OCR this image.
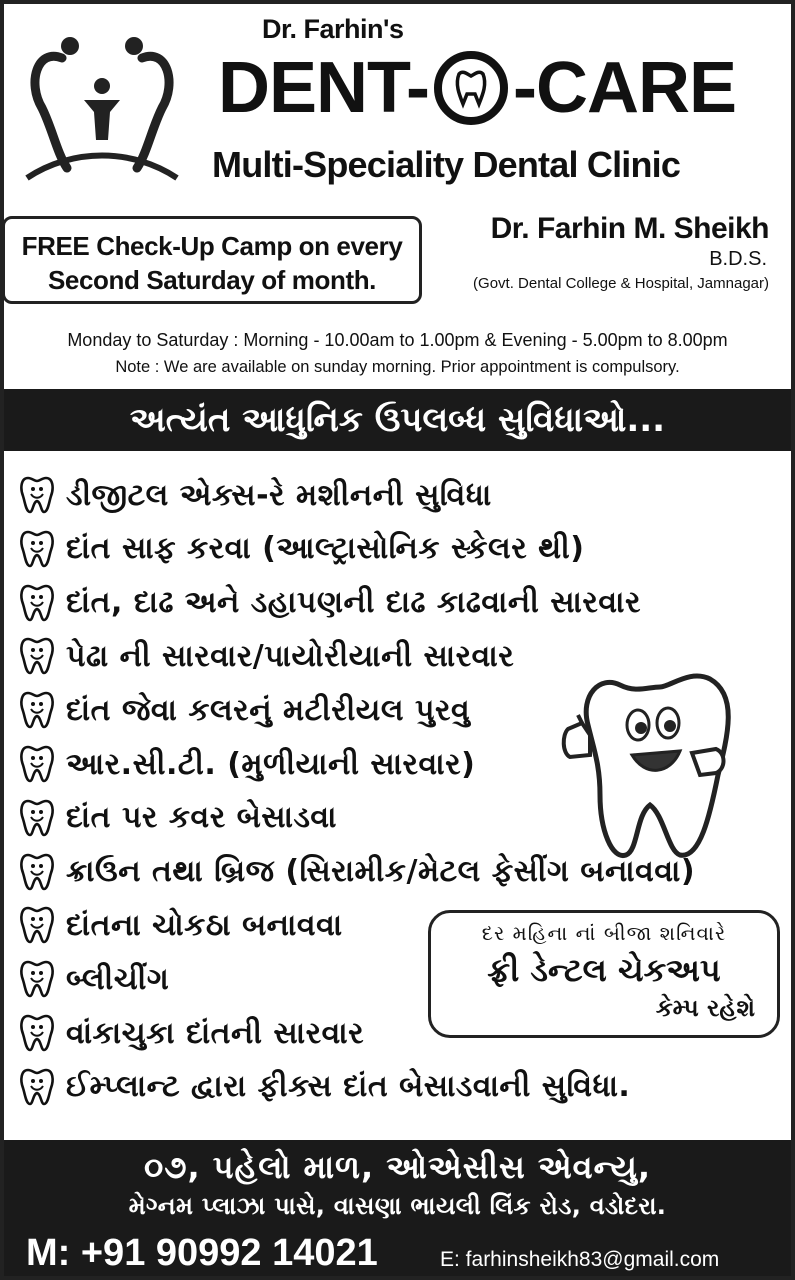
Dr. Farhin's
DENT- -CARE
Multi-Speciality Dental Clinic
FREE Check-Up Camp on every
Second Saturday of month.
Dr. Farhin M. Sheikh
B.D.S.
(Govt. Dental College & Hospital, Jamnagar)
Monday to Saturday : Morning - 10.00am to 1.00pm & Evening - 5.00pm to 8.00pm
Note : We are available on sunday morning. Prior appointment is compulsory.
અત્યંત આધુનિક ઉપલબ્ધ સુવિધાઓ...
ડીજીટલ એક્સ-રે મશીનની સુવિધા
દાંત સાફ કરવા (આલ્ટ્રાસોનિક સ્કેલર થી)
દાંત, દાઢ અને ડહાપણની દાઢ કાઢવાની સારવાર
પેઢા ની સારવાર/પાયોરીયાની સારવાર
દાંત જેવા કલરનું મટીરીયલ પુરવુ
આર.સી.ટી. (મુળીયાની સારવાર)
દાંત પર કવર બેસાડવા
ક્રાઉન તથા બ્રિજ (સિરામીક/મેટલ ફેસીંગ બનાવવા)
દાંતના ચોકઠા બનાવવા
બ્લીચીંગ
વાંકાચુકા દાંતની સારવાર
ઈમ્પ્લાન્ટ દ્વારા ફીક્સ દાંત બેસાડવાની સુવિધા.
દર મહિના નાં બીજા શનિવારે
ફ્રી ડેન્ટલ ચેકઅપ
કેમ્પ રહેશે
૦૭, પહેલો માળ, ઓએસીસ એવન્યુ,
મેગ્નમ પ્લાઝા પાસે, વાસણા ભાયલી લિંક રોડ, વડોદરા.
M: +91 90992 14021	E: farhinsheikh83@gmail.com
